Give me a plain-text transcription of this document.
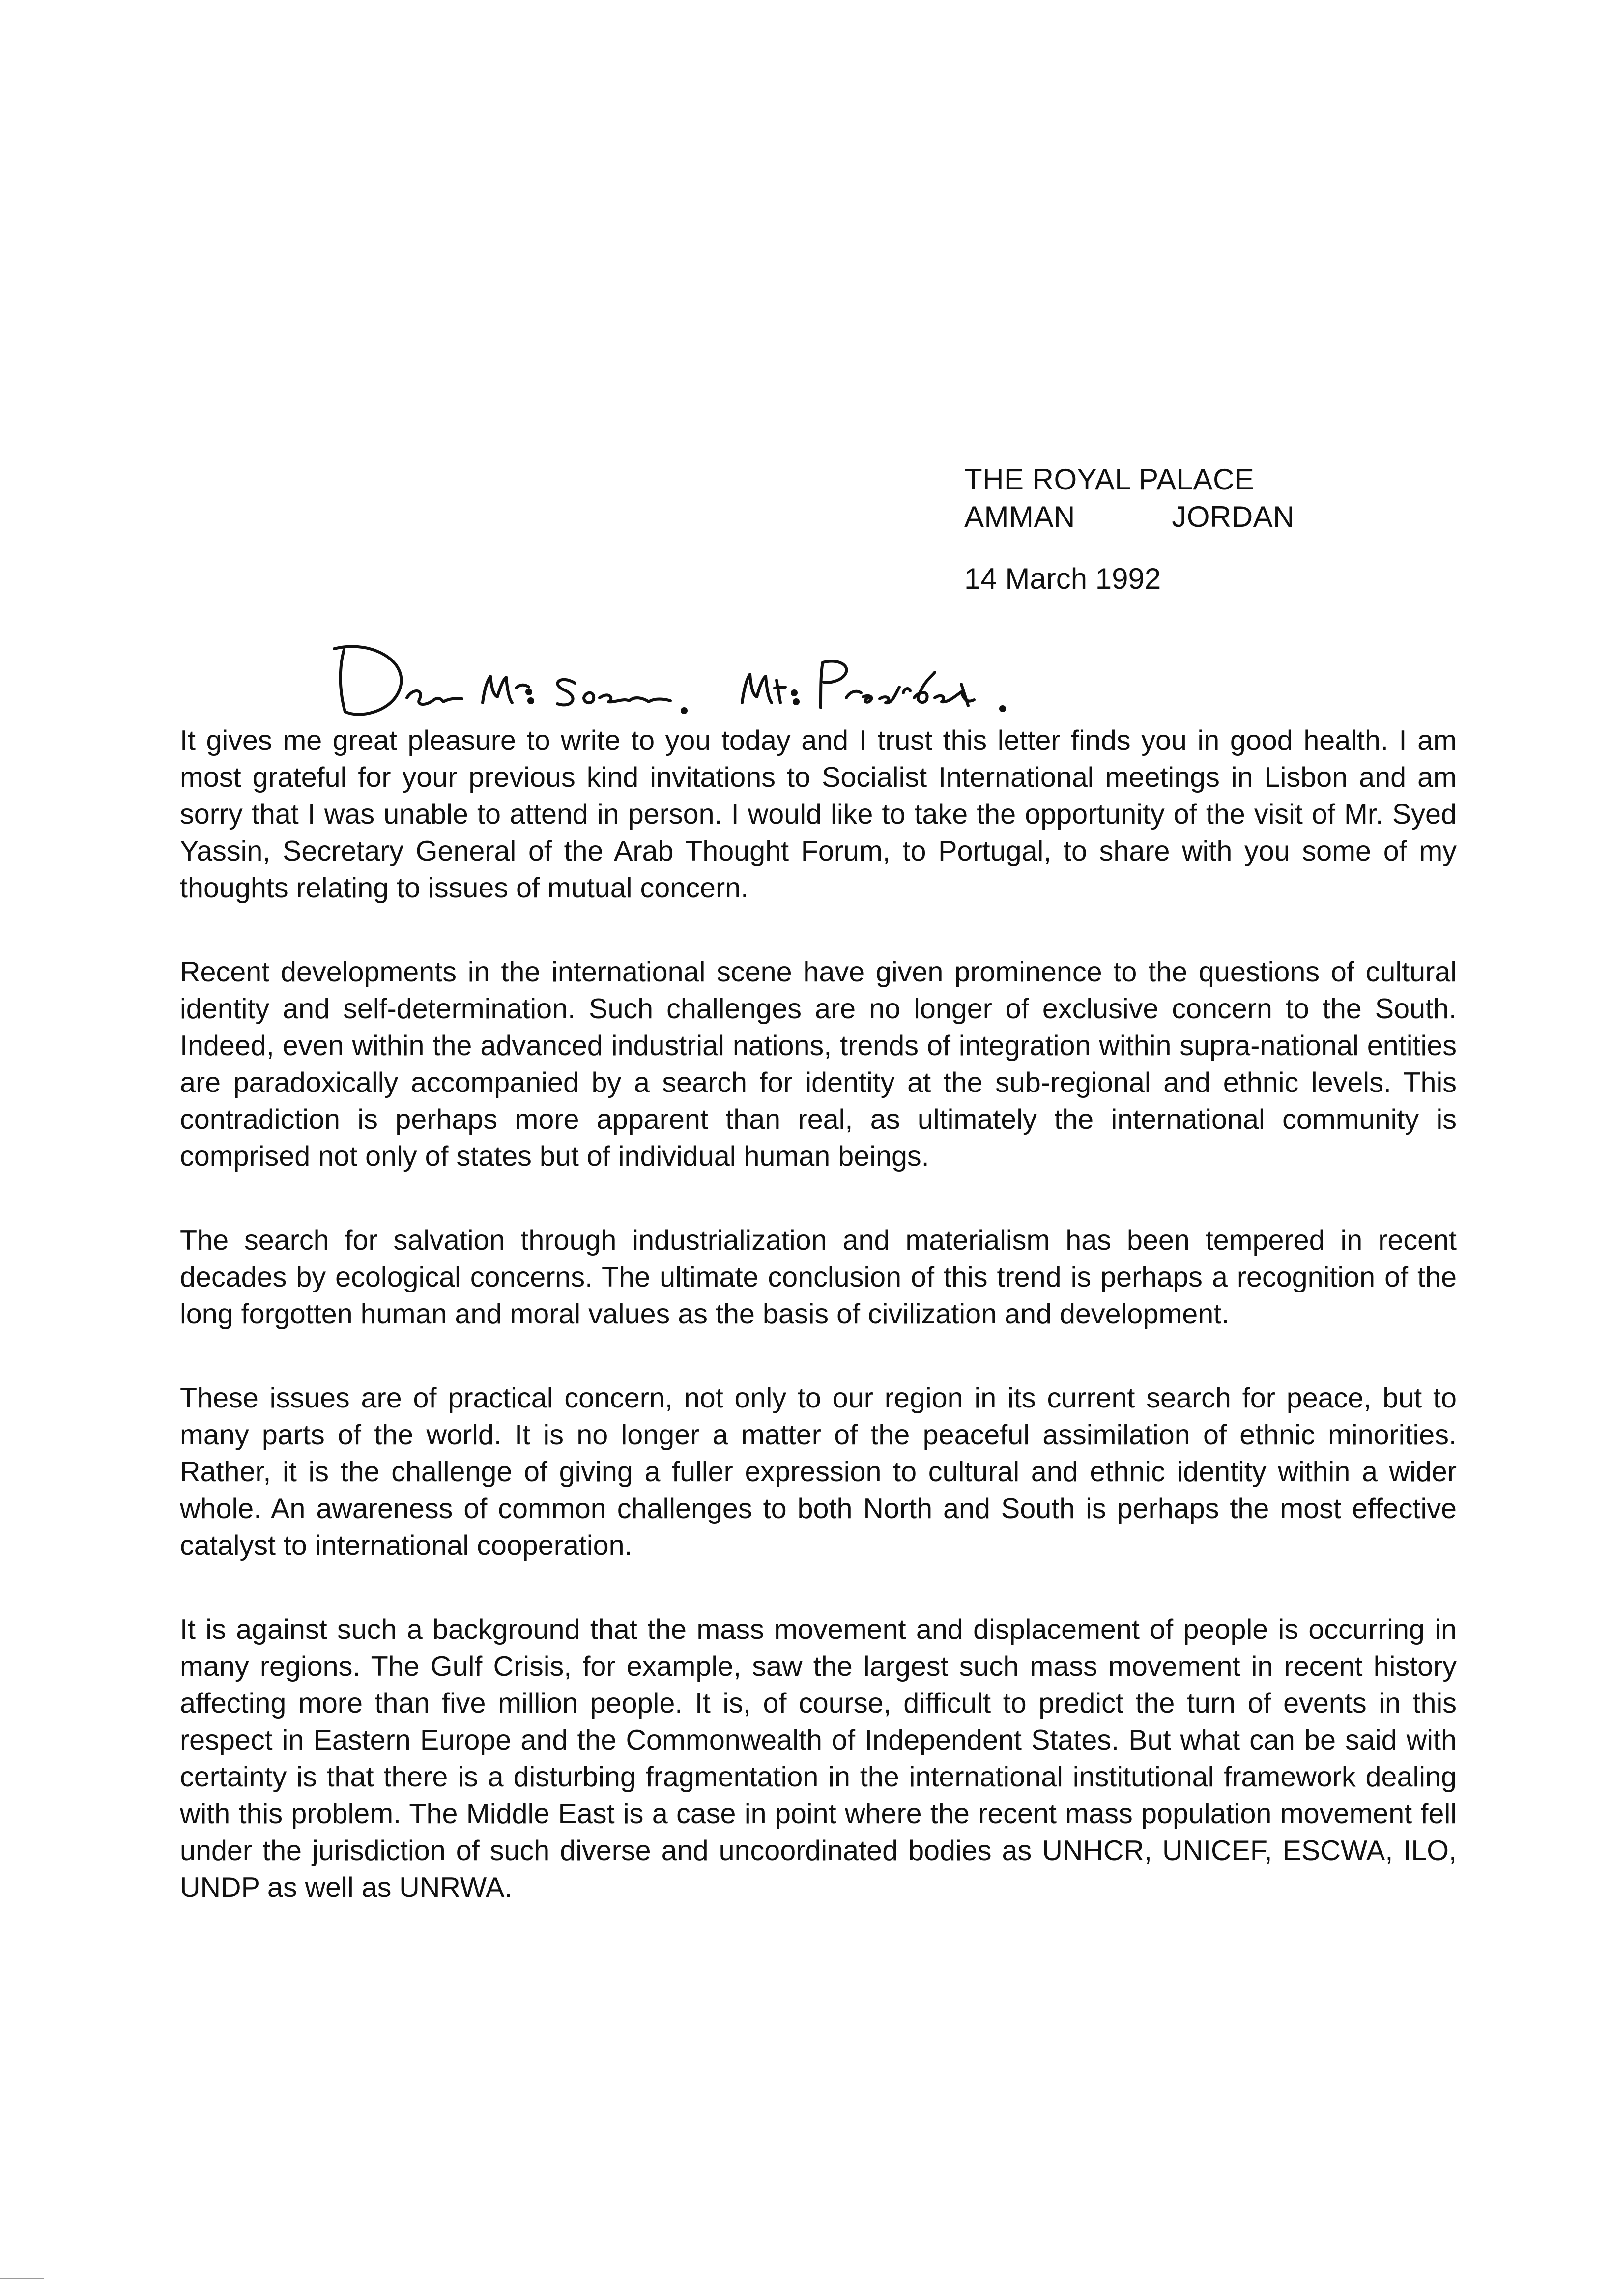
THE ROYAL PALACE
AMMAN	JORDAN
14 March 1992

It gives me great pleasure to write to you today and I trust this letter finds you in good health. I am most grateful for your previous kind invitations to Socialist International meetings in Lisbon and am sorry that I was unable to attend in person. I would like to take the opportunity of the visit of Mr. Syed Yassin, Secretary General of the Arab Thought Forum, to Portugal, to share with you some of my thoughts relating to issues of mutual concern.

Recent developments in the international scene have given prominence to the questions of cultural identity and self-determination. Such challenges are no longer of exclusive concern to the South. Indeed, even within the advanced industrial nations, trends of integration within supra-national entities are paradoxically accompanied by a search for identity at the sub-regional and ethnic levels. This contradiction is perhaps more apparent than real, as ultimately the international community is comprised not only of states but of individual human beings.

The search for salvation through industrialization and materialism has been tempered in recent decades by ecological concerns. The ultimate conclusion of this trend is perhaps a recognition of the long forgotten human and moral values as the basis of civilization and development.

These issues are of practical concern, not only to our region in its current search for peace, but to many parts of the world. It is no longer a matter of the peaceful assimilation of ethnic minorities. Rather, it is the challenge of giving a fuller expression to cultural and ethnic identity within a wider whole. An awareness of common challenges to both North and South is perhaps the most effective catalyst to international cooperation.

It is against such a background that the mass movement and displacement of people is occurring in many regions. The Gulf Crisis, for example, saw the largest such mass movement in recent history affecting more than five million people. It is, of course, difficult to predict the turn of events in this respect in Eastern Europe and the Commonwealth of Independent States. But what can be said with certainty is that there is a disturbing fragmentation in the international institutional framework dealing with this problem. The Middle East is a case in point where the recent mass population movement fell under the jurisdiction of such diverse and uncoordinated bodies as UNHCR, UNICEF, ESCWA, ILO, UNDP as well as UNRWA.
